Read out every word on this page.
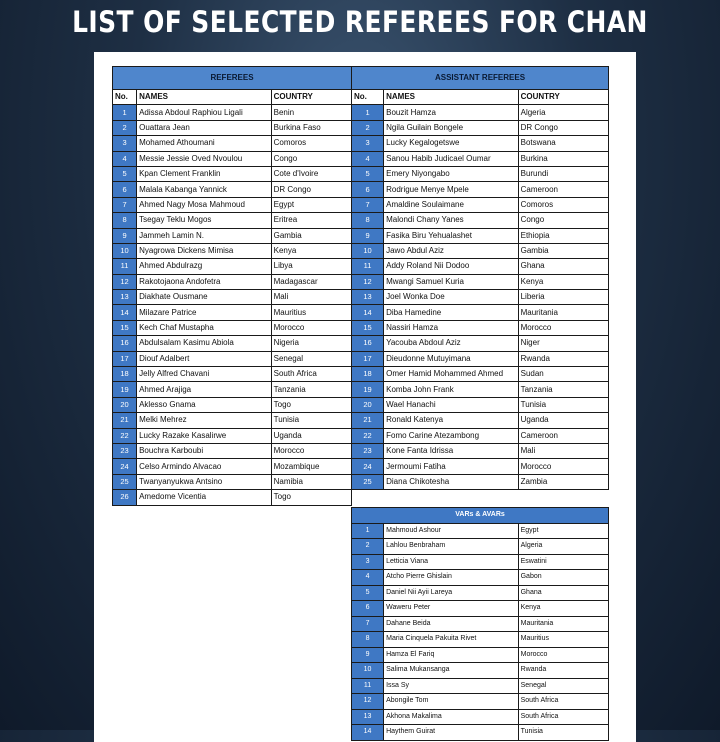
LIST OF SELECTED REFEREES FOR CHAN
REFEREES		
No.	NAMES	COUNTRY
1	Adissa Abdoul Raphiou Ligali	Benin
2	Ouattara Jean	Burkina Faso
3	Mohamed Athoumani	Comoros
4	Messie Jessie Oved Nvoulou	Congo
5	Kpan Clement Franklin	Cote d'Ivoire
6	Malala Kabanga Yannick	DR Congo
7	Ahmed Nagy Mosa Mahmoud	Egypt
8	Tsegay Teklu Mogos	Eritrea
9	Jammeh Lamin N.	Gambia
10	Nyagrowa Dickens Mimisa	Kenya
11	Ahmed Abdulrazg	Libya
12	Rakotojaona Andofetra	Madagascar
13	Diakhate Ousmane	Mali
14	Milazare Patrice	Mauritius
15	Kech Chaf Mustapha	Morocco
16	Abdulsalam Kasimu Abiola	Nigeria
17	Diouf Adalbert	Senegal
18	Jelly Alfred Chavani	South Africa
19	Ahmed Arajiga	Tanzania
20	Aklesso Gnama	Togo
21	Melki Mehrez	Tunisia
22	Lucky Razake Kasalirwe	Uganda
23	Bouchra Karboubi	Morocco
24	Celso Armindo Alvacao	Mozambique
25	Twanyanyukwa Antsino	Namibia
26	Amedome Vicentia	Togo
ASSISTANT REFEREES		
No.	NAMES	COUNTRY
1	Bouzit Hamza	Algeria
2	Ngila Guilain Bongele	DR Congo
3	Lucky Kegalogetswe	Botswana
4	Sanou Habib Judicael Oumar	Burkina
5	Emery Niyongabo	Burundi
6	Rodrigue Menye Mpele	Cameroon
7	Amaldine Soulaimane	Comoros
8	Malondi Chany Yanes	Congo
9	Fasika Biru Yehualashet	Ethiopia
10	Jawo Abdul Aziz	Gambia
11	Addy Roland Nii Dodoo	Ghana
12	Mwangi Samuel Kuria	Kenya
13	Joel Wonka Doe	Liberia
14	Diba Hamedine	Mauritania
15	Nassiri Hamza	Morocco
16	Yacouba Abdoul Aziz	Niger
17	Dieudonne Mutuyimana	Rwanda
18	Omer Hamid Mohammed Ahmed	Sudan
19	Komba John Frank	Tanzania
20	Wael Hanachi	Tunisia
21	Ronald Katenya	Uganda
22	Fomo Carine Atezambong	Cameroon
23	Kone Fanta Idrissa	Mali
24	Jermoumi Fatiha	Morocco
25	Diana Chikotesha	Zambia
VARs & AVARs		
1	Mahmoud Ashour	Egypt
2	Lahlou Benbraham	Algeria
3	Letticia Viana	Eswatini
4	Atcho Pierre Ghislain	Gabon
5	Daniel Nii Ayii Lareya	Ghana
6	Waweru Peter	Kenya
7	Dahane Beida	Mauritania
8	Maria Cinquela Pakuita Rivet	Mauritius
9	Hamza El Fariq	Morocco
10	Salima Mukansanga	Rwanda
11	Issa Sy	Senegal
12	Abongile Tom	South Africa
13	Akhona Makalima	South Africa
14	Haythem Guirat	Tunisia
